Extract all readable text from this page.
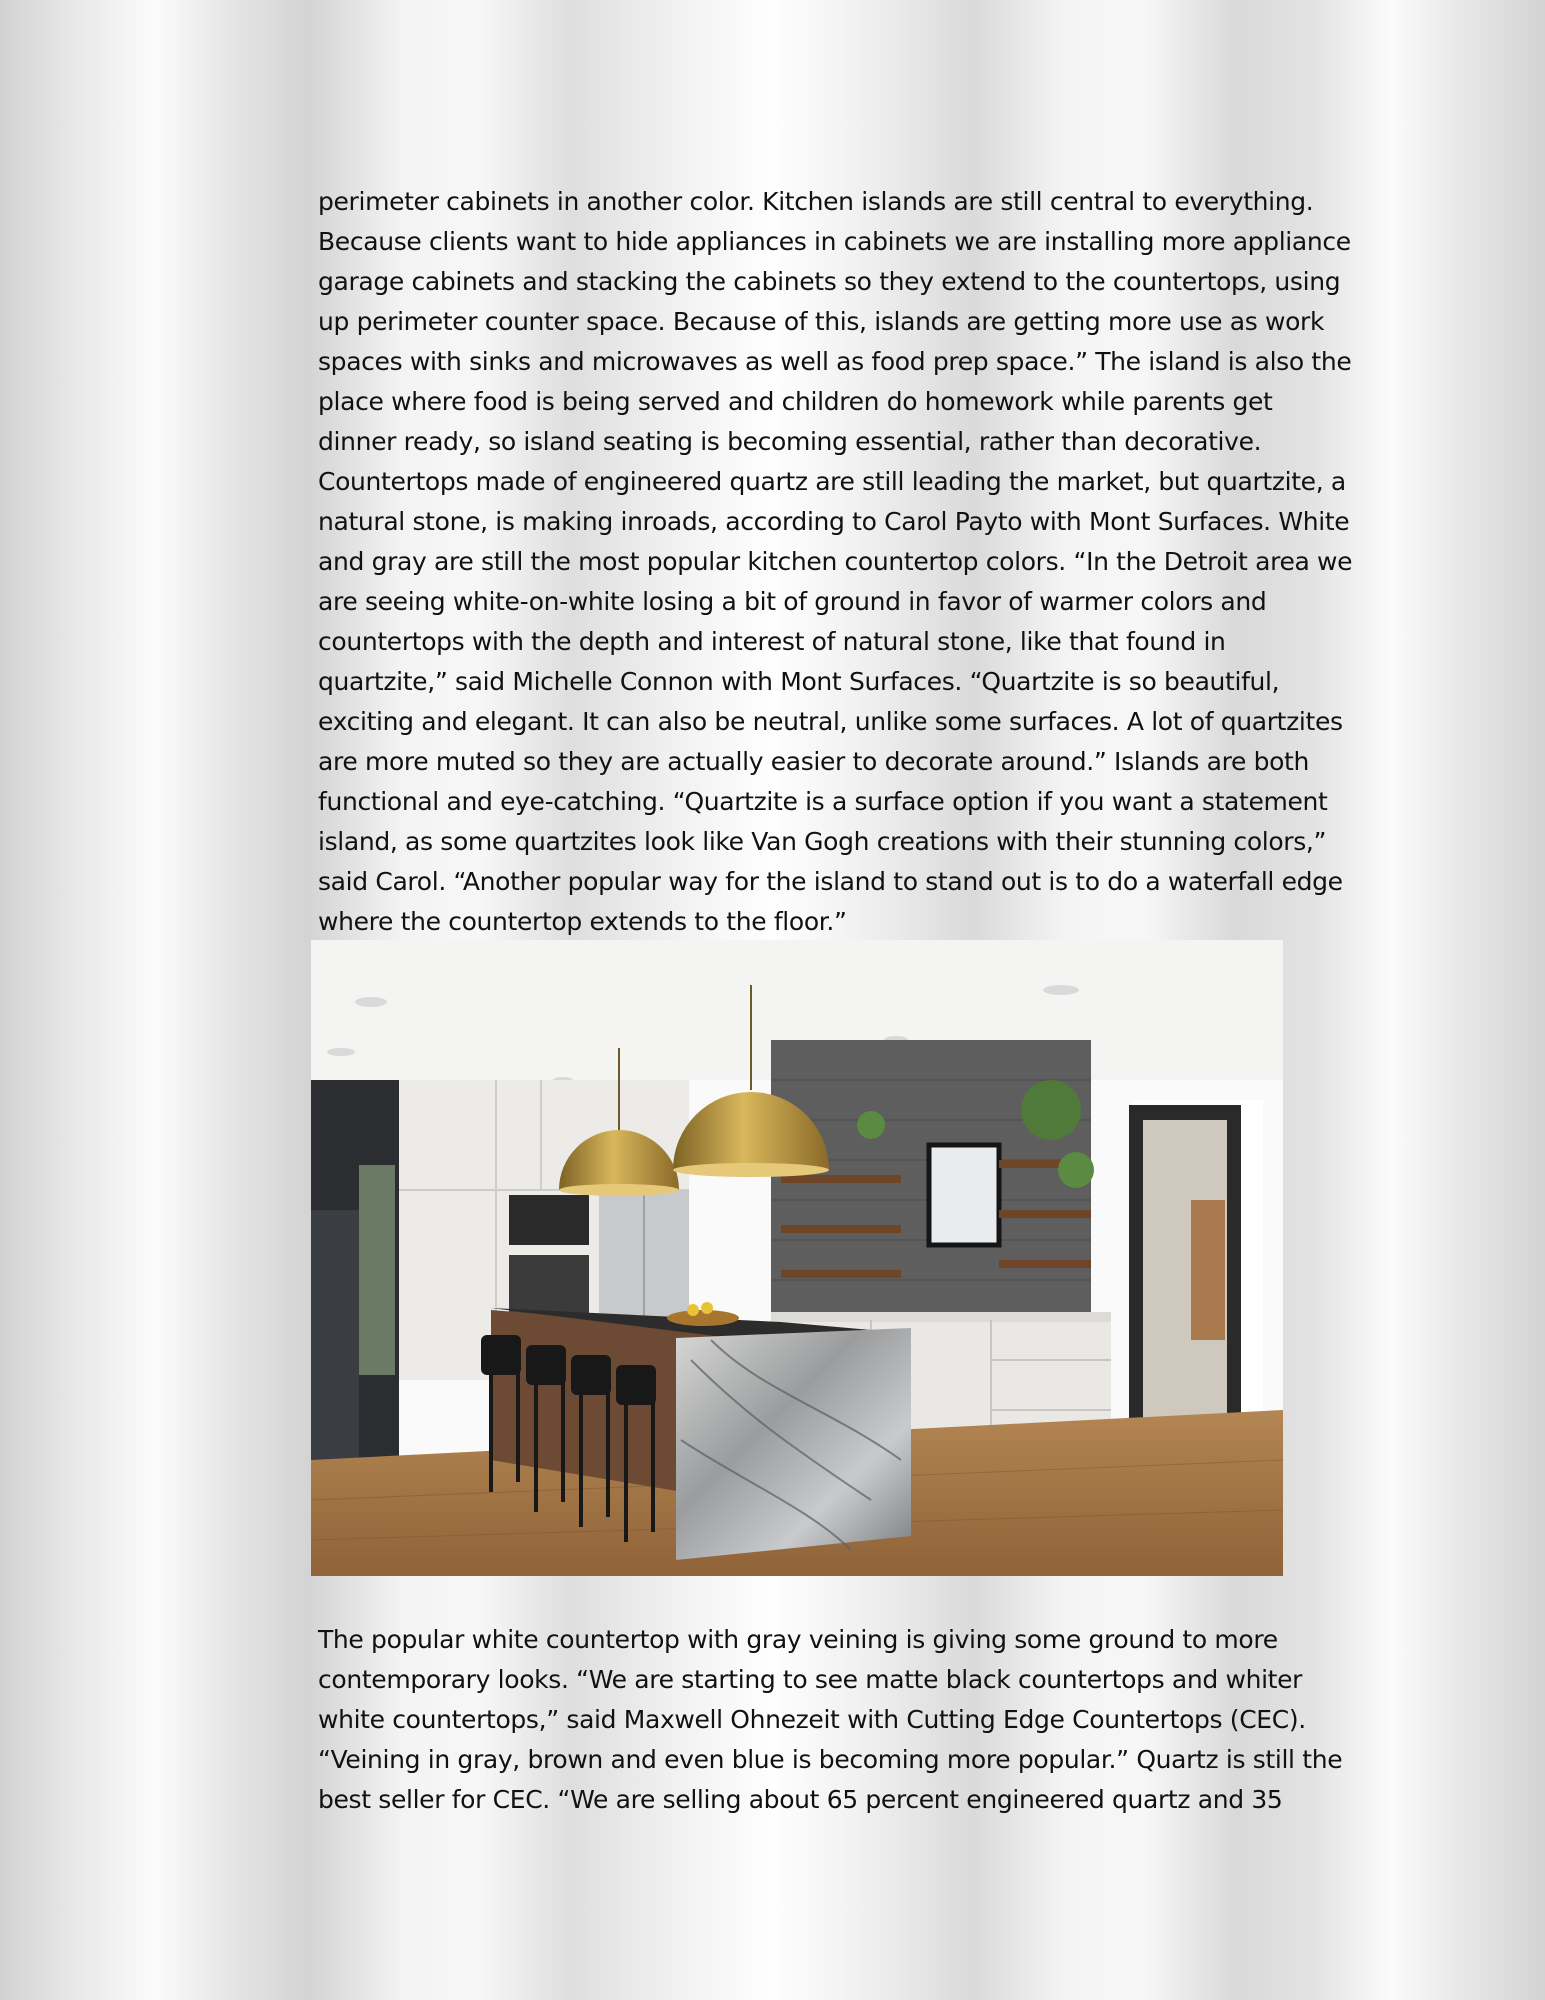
perimeter cabinets in another color. Kitchen islands are still central to everything.
Because clients want to hide appliances in cabinets we are installing more appliance
garage cabinets and stacking the cabinets so they extend to the countertops, using
up perimeter counter space. Because of this, islands are getting more use as work
spaces with sinks and microwaves as well as food prep space.” The island is also the
place where food is being served and children do homework while parents get
dinner ready, so island seating is becoming essential, rather than decorative.
Countertops made of engineered quartz are still leading the market, but quartzite, a
natural stone, is making inroads, according to Carol Payto with Mont Surfaces. White
and gray are still the most popular kitchen countertop colors. “In the Detroit area we
are seeing white-on-white losing a bit of ground in favor of warmer colors and
countertops with the depth and interest of natural stone, like that found in
quartzite,” said Michelle Connon with Mont Surfaces. “Quartzite is so beautiful,
exciting and elegant. It can also be neutral, unlike some surfaces. A lot of quartzites
are more muted so they are actually easier to decorate around.” Islands are both
functional and eye-catching. “Quartzite is a surface option if you want a statement
island, as some quartzites look like Van Gogh creations with their stunning colors,”
said Carol. “Another popular way for the island to stand out is to do a waterfall edge
where the countertop extends to the floor.”

The popular white countertop with gray veining is giving some ground to more
contemporary looks. “We are starting to see matte black countertops and whiter
white countertops,” said Maxwell Ohnezeit with Cutting Edge Countertops (CEC).
“Veining in gray, brown and even blue is becoming more popular.” Quartz is still the
best seller for CEC. “We are selling about 65 percent engineered quartz and 35
